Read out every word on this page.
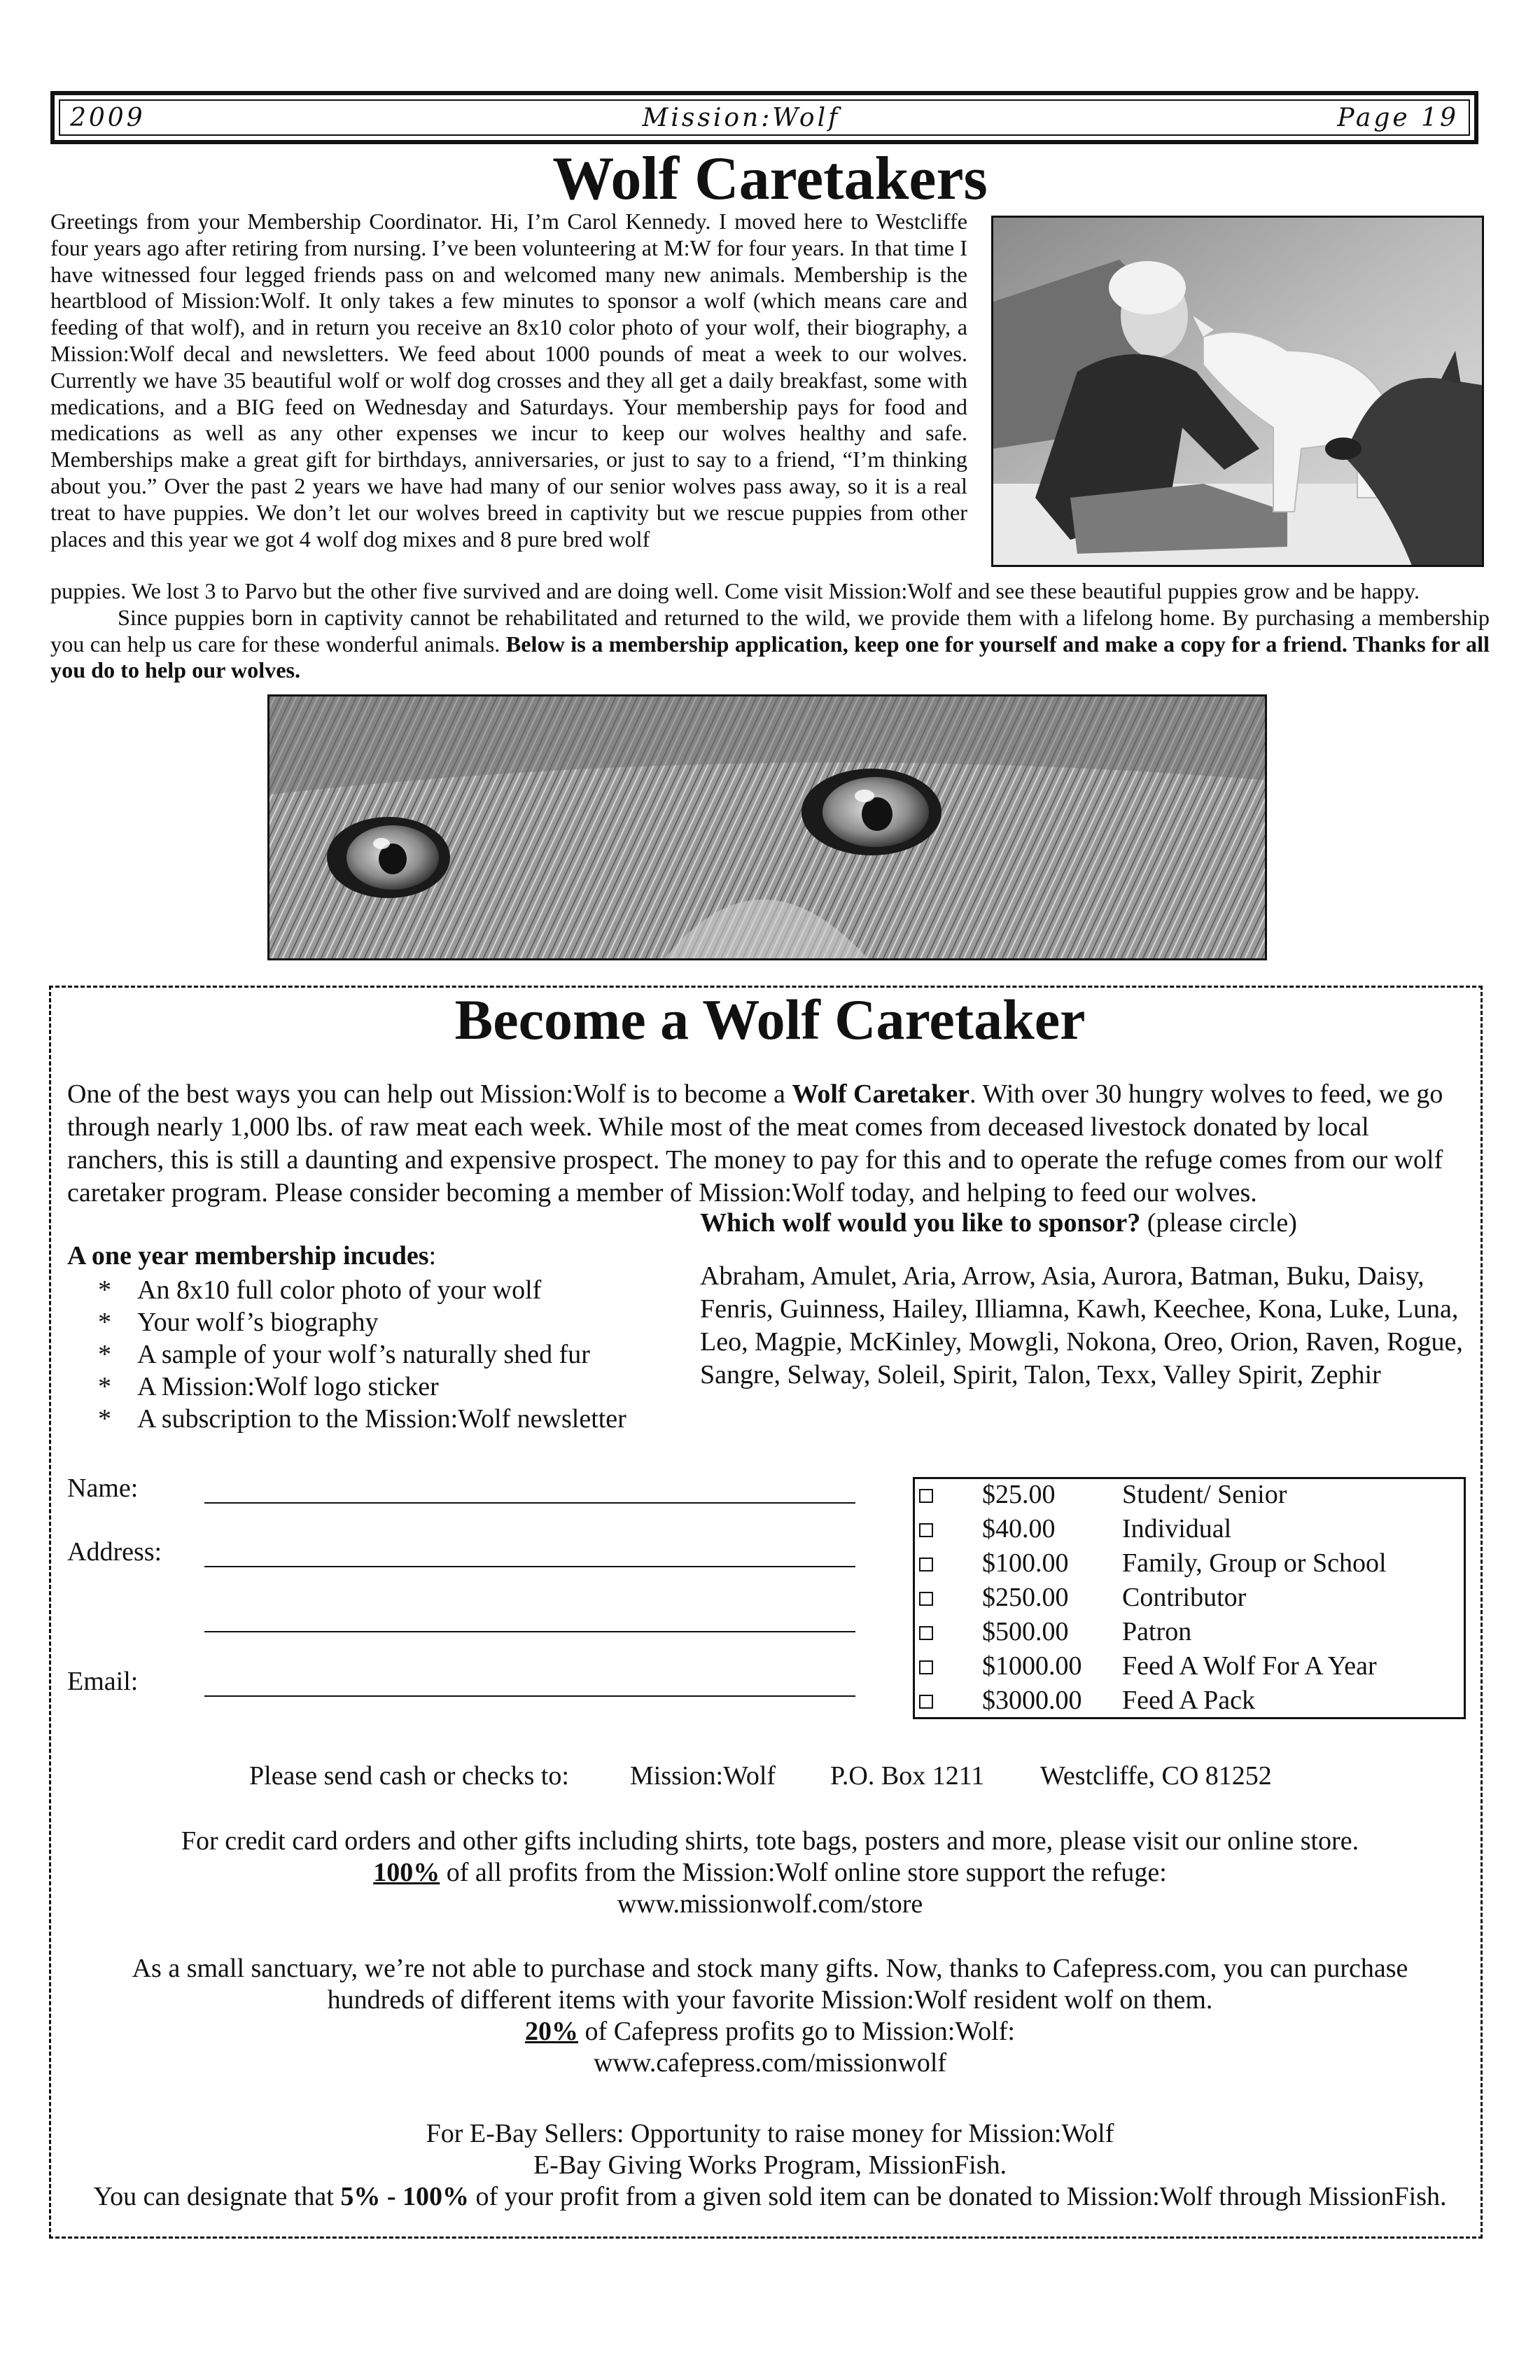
2009	Mission:Wolf	Page 19
Wolf Caretakers

Greetings from your Membership Coordinator. Hi, I’m Carol Kennedy. I moved here to Westcliffe four years ago after retiring from nursing. I’ve been volunteering at M:W for four years. In that time I have witnessed four legged friends pass on and welcomed many new animals. Membership is the heartblood of Mission:Wolf. It only takes a few minutes to sponsor a wolf (which means care and feeding of that wolf), and in return you receive an 8x10 color photo of your wolf, their biography, a Mission:Wolf decal and newsletters. We feed about 1000 pounds of meat a week to our wolves. Currently we have 35 beautiful wolf or wolf dog crosses and they all get a daily breakfast, some with medications, and a BIG feed on Wednesday and Saturdays. Your membership pays for food and medications as well as any other expenses we incur to keep our wolves healthy and safe. Memberships make a great gift for birthdays, anniversaries, or just to say to a friend, “I’m thinking about you.” Over the past 2 years we have had many of our senior wolves pass away, so it is a real treat to have puppies. We don’t let our wolves breed in captivity but we rescue puppies from other places and this year we got 4 wolf dog mixes and 8 pure bred wolf

puppies. We lost 3 to Parvo but the other five survived and are doing well. Come visit Mission:Wolf and see these beautiful puppies grow and be happy.

Since puppies born in captivity cannot be rehabilitated and returned to the wild, we provide them with a lifelong home. By purchasing a membership you can help us care for these wonderful animals. Below is a membership application, keep one for yourself and make a copy for a friend. Thanks for all you do to help our wolves.

Become a Wolf Caretaker

One of the best ways you can help out Mission:Wolf is to become a Wolf Caretaker. With over 30 hungry wolves to feed, we go through nearly 1,000 lbs. of raw meat each week. While most of the meat comes from deceased livestock donated by local ranchers, this is still a daunting and expensive prospect. The money to pay for this and to operate the refuge comes from our wolf caretaker program. Please consider becoming a member of Mission:Wolf today, and helping to feed our wolves.

Which wolf would you like to sponsor? (please circle)

Abraham, Amulet, Aria, Arrow, Asia, Aurora, Batman, Buku, Daisy, Fenris, Guinness, Hailey, Illiamna, Kawh, Keechee, Kona, Luke, Luna, Leo, Magpie, McKinley, Mowgli, Nokona, Oreo, Orion, Raven, Rogue, Sangre, Selway, Soleil, Spirit, Talon, Texx, Valley Spirit, Zephir

A one year membership incudes:

* An 8x10 full color photo of your wolf
* Your wolf’s biography
* A sample of your wolf’s naturally shed fur
* A Mission:Wolf logo sticker
* A subscription to the Mission:Wolf newsletter
Name:
Address:
Email:
$25.00	Student/ Senior
$40.00	Individual
$100.00 Family, Group or School
$250.00 Contributor
$500.00 Patron
$1000.00 Feed A Wolf For A Year
$3000.00 Feed A Pack
Please send cash or checks to: Mission:Wolf P.O. Box 1211 Westcliffe, CO 81252

For credit card orders and other gifts including shirts, tote bags, posters and more, please visit our online store.

100% of all profits from the Mission:Wolf online store support the refuge:

www.missionwolf.com/store

As a small sanctuary, we’re not able to purchase and stock many gifts. Now, thanks to Cafepress.com, you can purchase hundreds of different items with your favorite Mission:Wolf resident wolf on them.

20% of Cafepress profits go to Mission:Wolf:

www.cafepress.com/missionwolf

For E-Bay Sellers: Opportunity to raise money for Mission:Wolf

E-Bay Giving Works Program, MissionFish.

You can designate that 5% - 100% of your profit from a given sold item can be donated to Mission:Wolf through MissionFish.
